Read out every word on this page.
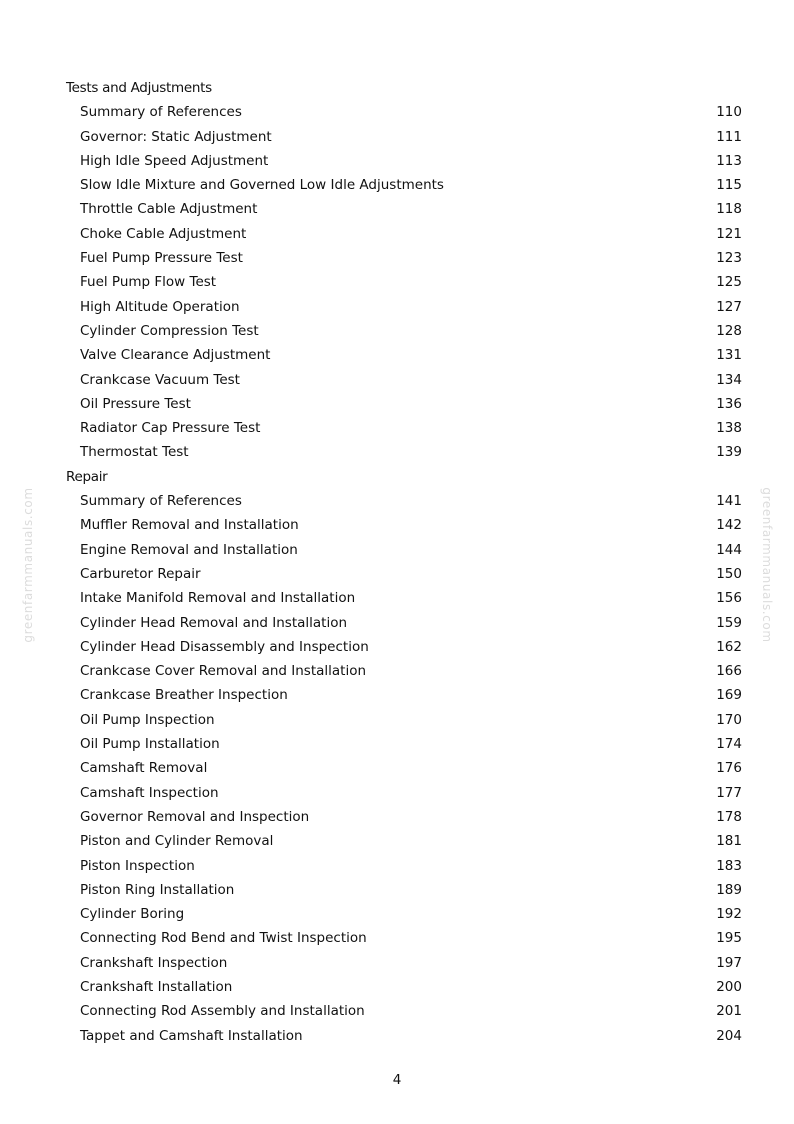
Tests and Adjustments
Summary of References	110
Governor: Static Adjustment	111
High Idle Speed Adjustment	113
Slow Idle Mixture and Governed Low Idle Adjustments	115
Throttle Cable Adjustment	118
Choke Cable Adjustment	121
Fuel Pump Pressure Test	123
Fuel Pump Flow Test	125
High Altitude Operation	127
Cylinder Compression Test	128
Valve Clearance Adjustment	131
Crankcase Vacuum Test	134
Oil Pressure Test	136
Radiator Cap Pressure Test	138
Thermostat Test	139
Repair
Summary of References	141
Muffler Removal and Installation	142
Engine Removal and Installation	144
Carburetor Repair	150
Intake Manifold Removal and Installation	156
Cylinder Head Removal and Installation	159
Cylinder Head Disassembly and Inspection	162
Crankcase Cover Removal and Installation	166
Crankcase Breather Inspection	169
Oil Pump Inspection	170
Oil Pump Installation	174
Camshaft Removal	176
Camshaft Inspection	177
Governor Removal and Inspection	178
Piston and Cylinder Removal	181
Piston Inspection	183
Piston Ring Installation	189
Cylinder Boring	192
Connecting Rod Bend and Twist Inspection	195
Crankshaft Inspection	197
Crankshaft Installation	200
Connecting Rod Assembly and Installation	201
Tappet and Camshaft Installation	204
greenfarmmanuals.com	greenfarmmanuals.com
4
